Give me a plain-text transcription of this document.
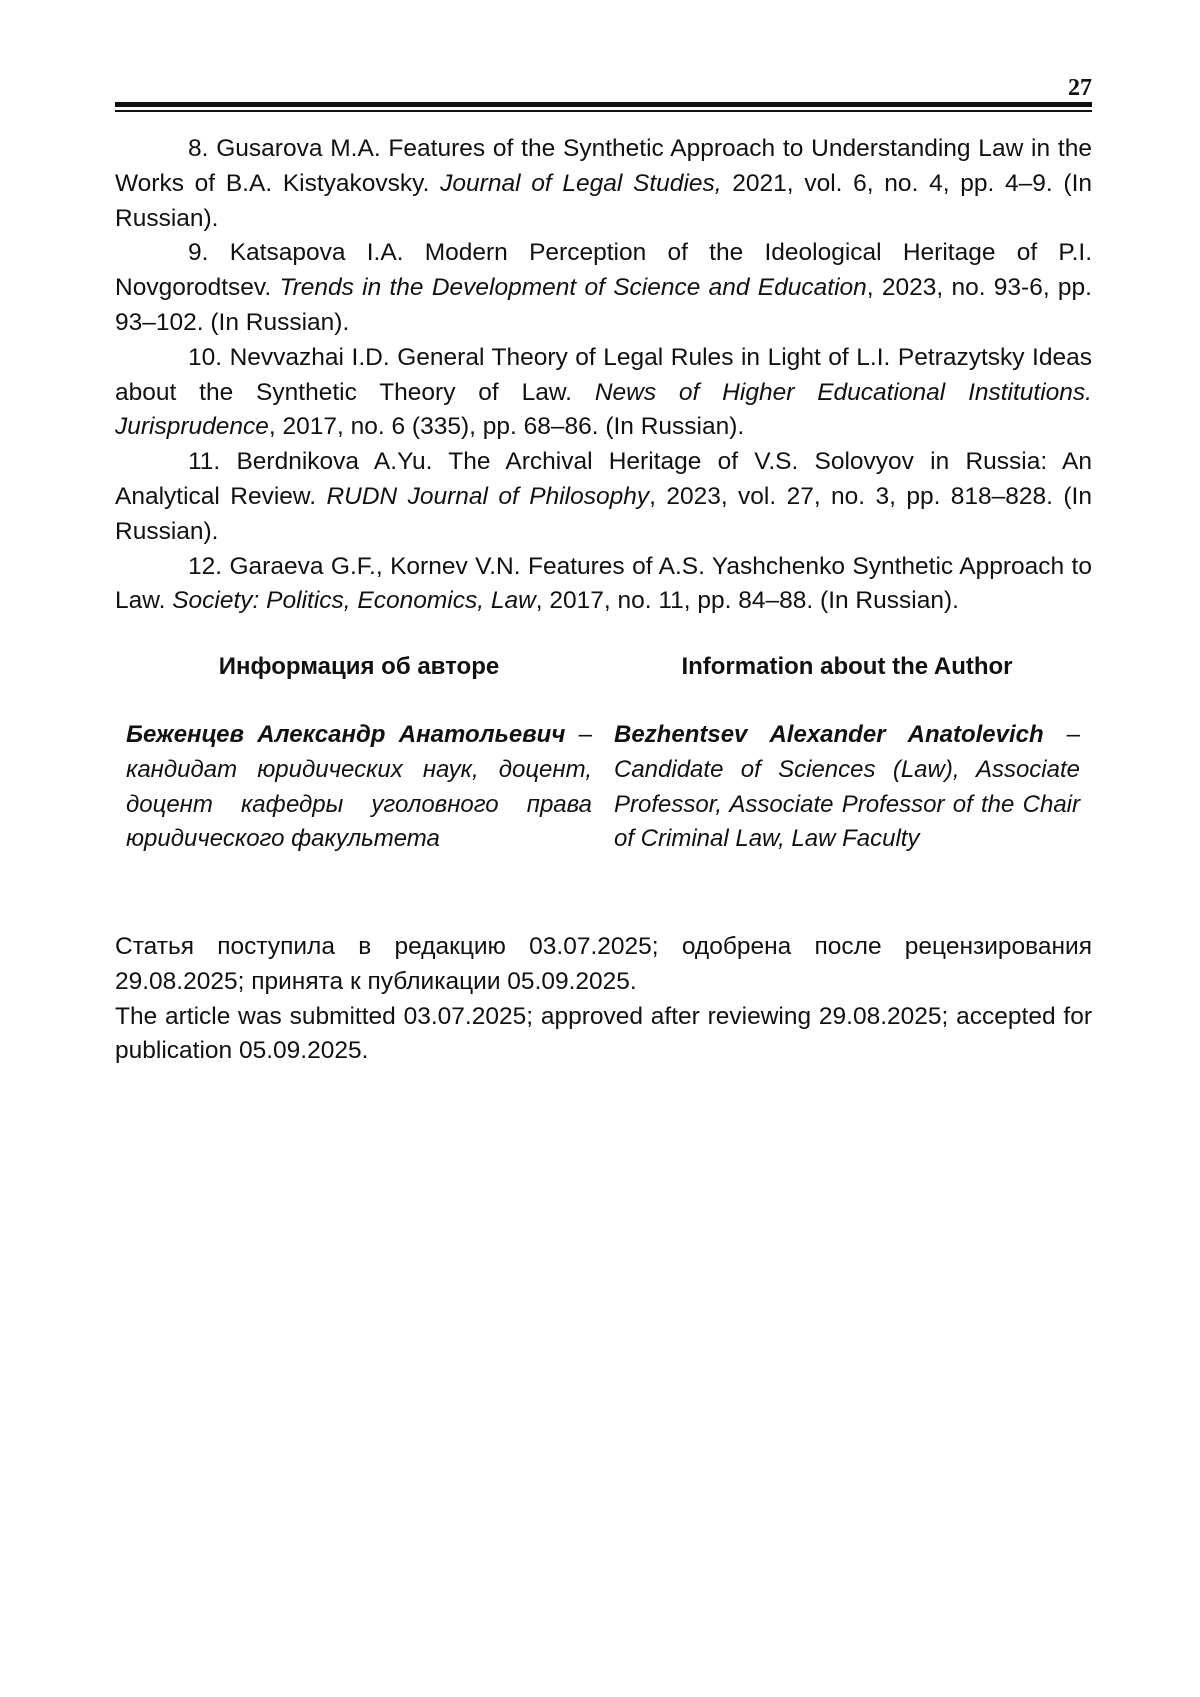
27

8. Gusarova M.A. Features of the Synthetic Approach to Understanding Law in the Works of B.A. Kistyakovsky. Journal of Legal Studies, 2021, vol. 6, no. 4, pp. 4–9. (In Russian).

9. Katsapova I.A. Modern Perception of the Ideological Heritage of P.I. Novgorodtsev. Trends in the Development of Science and Education, 2023, no. 93-6, pp. 93–102. (In Russian).

10. Nevvazhai I.D. General Theory of Legal Rules in Light of L.I. Petrazytsky Ideas about the Synthetic Theory of Law. News of Higher Educational Institutions. Jurisprudence, 2017, no. 6 (335), pp. 68–86. (In Russian).

11. Berdnikova A.Yu. The Archival Heritage of V.S. Solovyov in Russia: An Analytical Review. RUDN Journal of Philosophy, 2023, vol. 27, no. 3, pp. 818–828. (In Russian).

12. Garaeva G.F., Kornev V.N. Features of A.S. Yashchenko Synthetic Approach to Law. Society: Politics, Economics, Law, 2017, no. 11, pp. 84–88. (In Russian).

Информация об авторе

Беженцев Александр Анатольевич – кандидат юридических наук, доцент, доцент кафедры уголовного права юридического факультета

Information about the Author

Bezhentsev Alexander Anatolevich – Candidate of Sciences (Law), Associate Professor, Associate Professor of the Chair of Criminal Law, Law Faculty

Статья поступила в редакцию 03.07.2025; одобрена после рецензирования 29.08.2025; принята к публикации 05.09.2025.

The article was submitted 03.07.2025; approved after reviewing 29.08.2025; accepted for publication 05.09.2025.
